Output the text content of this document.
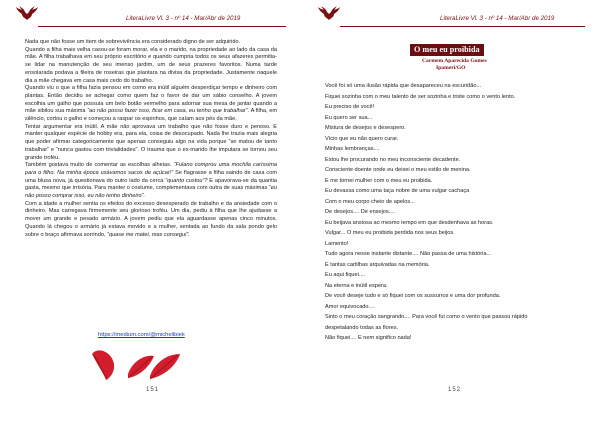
LiteraLivre Vl. 3 - nº 14 - Mar/Abr de 2019

Nada que não fosse um item de sobrevivência era considerado digno de ser adquirido.

Quando a filha mais velha casou-se foram morar, ela e o marido, na propriedade ao lado da casa da mãe. A filha trabalhava em seu próprio escritório e quando cumpria todos os seus afazeres permitia-se lidar na manutenção de seu imenso jardim, um de seus prazeres favoritos. Numa tarde ensolarada podava a fileira de roseiras que plantara na divisa da propriedade. Justamente naquele dia a mãe chegava em casa mais cedo do trabalho.

Quando viu o que a filha fazia pensou em como era inútil alguém desperdiçar tempo e dinheiro com plantas. Então decidiu se achegar como quem faz o favor de dar um sábio conselho. A jovem escolhia um galho que possuía um belo botão vermelho para adornar sua mesa de jantar quando a mãe sibilou sua máxima “ao não posso fazer isso, ficar em casa, eu tenho que trabalhar”. A filha, em silêncio, cortou o galho e começou a raspar os espinhos, que caíam aos pés da mãe.

Tentar argumentar era inútil. A mãe não aprovava um trabalho que não fosse duro e penoso. E manter qualquer espécie de hobby era, para ela, coisa de desocupado. Nada lhe trazia mais alegria que poder afirmar categoricamente que apenas conseguiu algo na vida porque “se matou de tanto trabalhar” e “nunca gastou com trivialidades”. O trauma que o ex-marido lhe imputara se tornou seu grande troféu.

Também gostava muito de comentar as escolhas alheias. “Fulano comprou uma mochila caríssima para o filho. Na minha época usávamos sacos de açúcar!” Se flagrasse a filha saindo de casa com uma blusa nova, já questionava do outro lado da cerca “quanto custou”? E apavorava-se da quantia gasta, mesmo que irrisória. Para manter o costume, complementava com outra de suas máximas “eu não posso comprar isso, eu não tenho dinheiro”.

Com a idade a mulher sentia os efeitos do excesso desesperado de trabalho e da ansiedade com o dinheiro. Mas carregava firmemente seu glorioso troféu. Um dia, pediu à filha que lhe ajudasse a mover um grande e pesado armário. A jovem pediu que ela aguardasse apenas cinco minutos. Quando lá chegou o armário já estava movido e a mulher, sentada ao fundo da sala pondo gelo sobre o braço afirmava sorrindo, “quase me matei, mas consegui”.

https://medium.com/@michelibiek
151
LiteraLivre Vl. 3 - nº 14 - Mar/Abr de 2019
O meu eu proibida
Carmem Aparecida Gomes
Ipameri/GO
Você foi só uma ilusão rápida que desapareceu na escuridão...
Fiquei sozinha com o meu talento de ser sozinha e triste como o vento lento.
Eu preciso de você!
Eu quero ser sua...
Mistura de desejos e desespero.
Vício que eu não quero curar.
Minhas lembranças....
Estou lhe procurando no meu inconsciente decadente.
Consciente doente onde eu deixei o meu estilo de menina.
E me tornei mulher com o meu eu proibida.
Eu devassa como uma taça nobre de uma vulgar cachaça
Com o meu corpo cheio de apelos...
De desejos.... De ensejos....
Eu beijava ansiosa ao mesmo tempo em que desdenhava as horas.
Vulgar... O meu eu proibida perdida nos seus beijos.
Lamento!
Tudo agora nesse instante distante.... Não passa de uma história...
E tantas cartilhas arquivadas na memória.
Eu aqui fiquei....
Na eterna e inútil espera.
De você deseje tudo e só fiquei com os sussurros e uma dor profunda.
Amor equivocado....
Sinto o meu coração sangrando.... Para você fui como o vento que passou rápido
despetalando todas as flores.
Não fiquei.... E nem significo nada!
152
